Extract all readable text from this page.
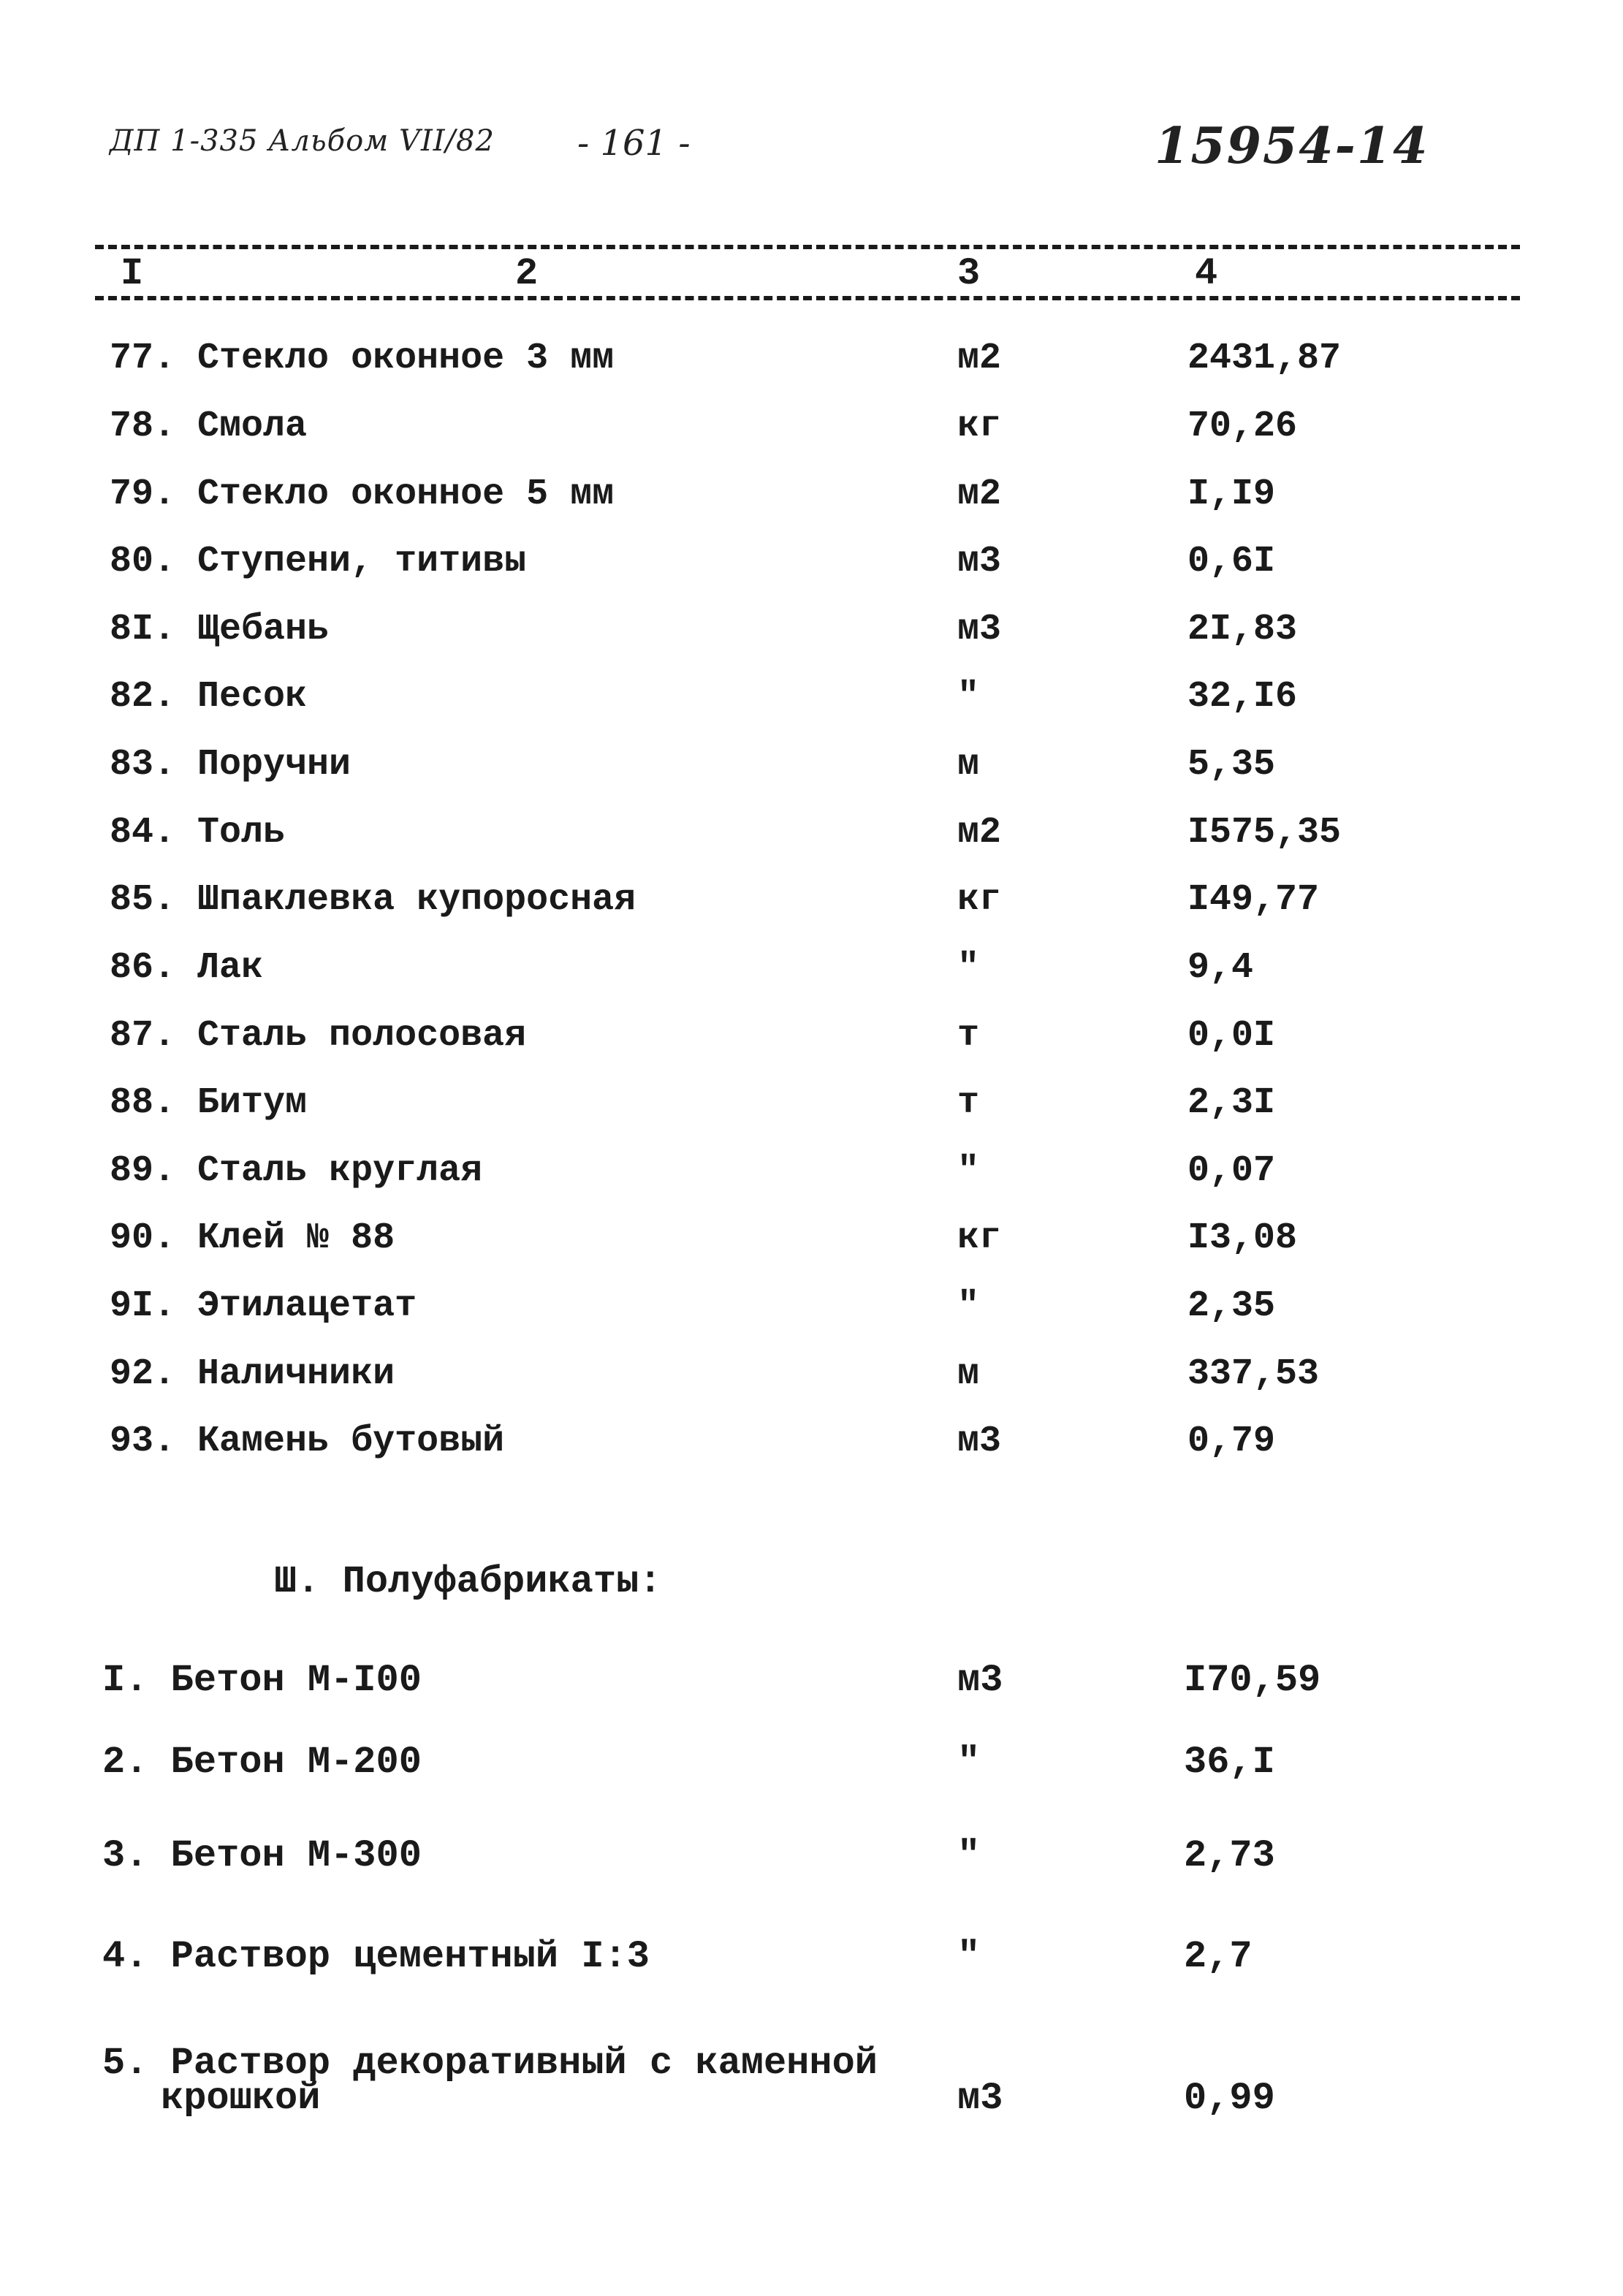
ДП 1-335 Альбом VII/82 - 161 -	15954-14
I	2	3	4
77. Стекло оконное 3 мм	м2	2431,87
78. Смола	кг	70,26
79. Стекло оконное 5 мм	м2	I,I9
80. Ступени, титивы	м3	0,6I
8I. Щебань	м3	2I,83
82. Песок	"	32,I6
83. Поручни	м	5,35
84. Толь	м2	I575,35
85. Шпаклевка купоросная	кг	I49,77
86. Лак	"	9,4
87. Сталь полосовая	т	0,0I
88. Битум	т	2,3I
89. Сталь круглая	"	0,07
90. Клей № 88	кг	I3,08
9I. Этилацетат	"	2,35
92. Наличники	м	337,53
93. Камень бутовый	м3	0,79
Ш. Полуфабрикаты:
I. Бетон М-I00	м3	I70,59
2. Бетон М-200	"	36,I
3. Бетон М-300	"	2,73
4. Раствор цементный I:3	"	2,7
5. Раствор декоративный с каменной
крошкой	м3	0,99
